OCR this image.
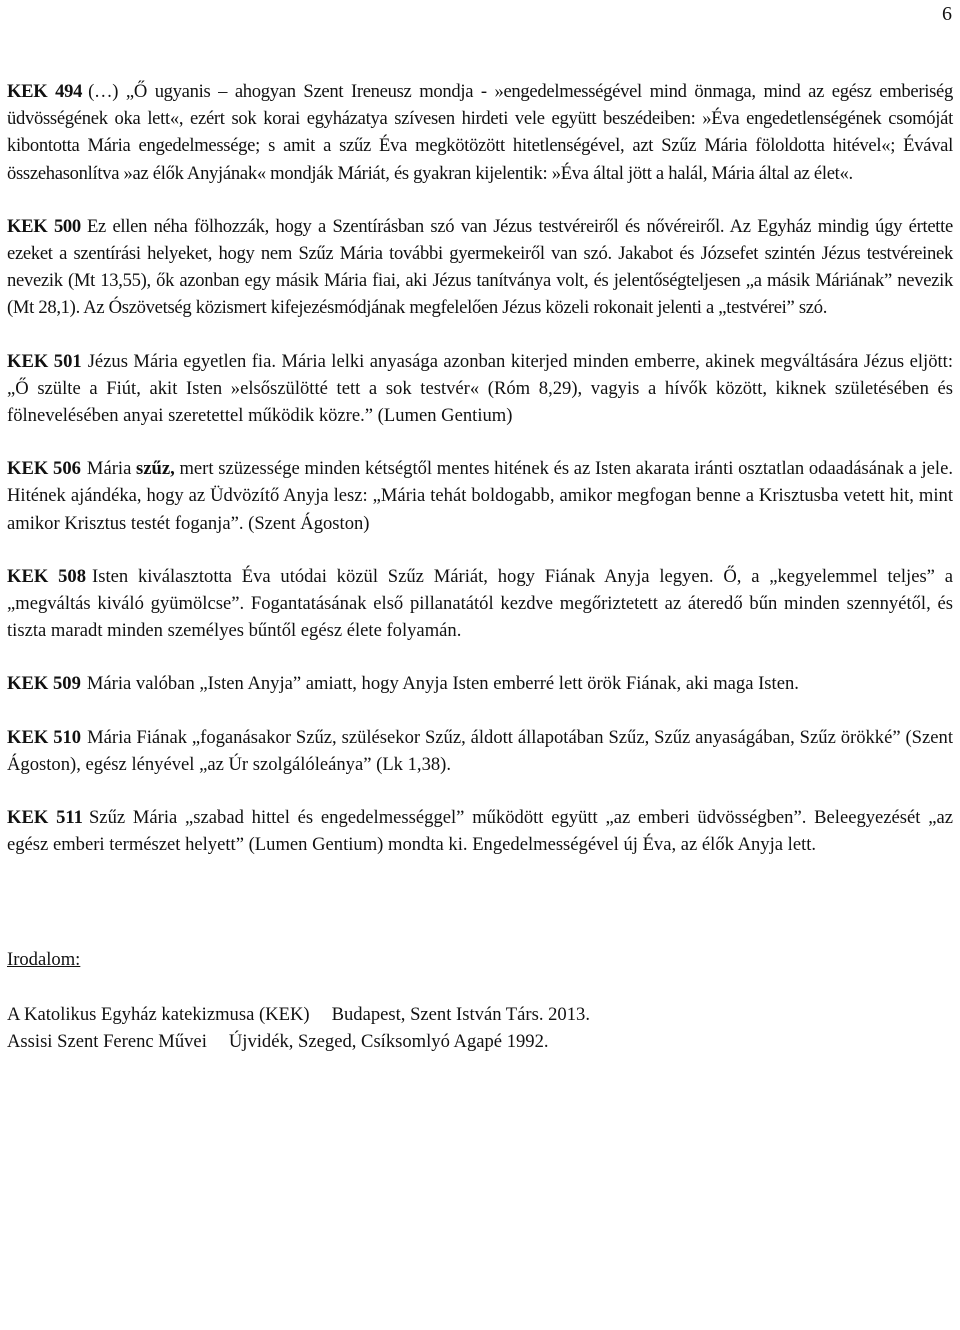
6

KEK 494 (…) „Ő ugyanis – ahogyan Szent Ireneusz mondja - »engedelmességével mind önmaga, mind az egész emberiség üdvösségének oka lett«, ezért sok korai egyházatya szívesen hirdeti vele együtt beszédeiben: »Éva engedetlenségének csomóját kibontotta Mária engedelmessége; s amit a szűz Éva megkötözött hitetlenségével, azt Szűz Mária föloldotta hitével«; Évával összehasonlítva »az élők Anyjának« mondják Máriát, és gyakran kijelentik: »Éva által jött a halál, Mária által az élet«.

KEK 500 Ez ellen néha fölhozzák, hogy a Szentírásban szó van Jézus testvéreiről és nővéreiről. Az Egyház mindig úgy értette ezeket a szentírási helyeket, hogy nem Szűz Mária további gyermekeiről van szó. Jakabot és Józsefet szintén Jézus testvéreinek nevezik (Mt 13,55), ők azonban egy másik Mária fiai, aki Jézus tanítványa volt, és jelentőségteljesen „a másik Máriának” nevezik (Mt 28,1). Az Ószövetség közismert kifejezésmódjának megfelelően Jézus közeli rokonait jelenti a „testvérei” szó.

KEK 501 Jézus Mária egyetlen fia. Mária lelki anyasága azonban kiterjed minden emberre, akinek megváltására Jézus eljött: „Ő szülte a Fiút, akit Isten »elsőszülötté tett a sok testvér« (Róm 8,29), vagyis a hívők között, kiknek születésében és fölnevelésében anyai szeretettel működik közre.” (Lumen Gentium)

KEK 506 Mária szűz, mert szüzessége minden kétségtől mentes hitének és az Isten akarata iránti osztatlan odaadásának a jele. Hitének ajándéka, hogy az Üdvözítő Anyja lesz: „Mária tehát boldogabb, amikor megfogan benne a Krisztusba vetett hit, mint amikor Krisztus testét foganja”. (Szent Ágoston)

KEK 508 Isten kiválasztotta Éva utódai közül Szűz Máriát, hogy Fiának Anyja legyen. Ő, a „kegyelemmel teljes” a „megváltás kiváló gyümölcse”. Fogantatásának első pillanatától kezdve megőriztetett az áteredő bűn minden szennyétől, és tiszta maradt minden személyes bűntől egész élete folyamán.

KEK 509 Mária valóban „Isten Anyja” amiatt, hogy Anyja Isten emberré lett örök Fiának, aki maga Isten.

KEK 510 Mária Fiának „foganásakor Szűz, szülésekor Szűz, áldott állapotában Szűz, Szűz anyaságában, Szűz örökké” (Szent Ágoston), egész lényével „az Úr szolgálóleánya” (Lk 1,38).

KEK 511 Szűz Mária „szabad hittel és engedelmességgel” működött együtt „az emberi üdvösségben”. Beleegyezését „az egész emberi természet helyett” (Lumen Gentium) mondta ki. Engedelmességével új Éva, az élők Anyja lett.

Irodalom:

A Katolikus Egyház katekizmusa (KEK) Budapest, Szent István Társ. 2013.

Assisi Szent Ferenc Művei Újvidék, Szeged, Csíksomlyó Agapé 1992.
